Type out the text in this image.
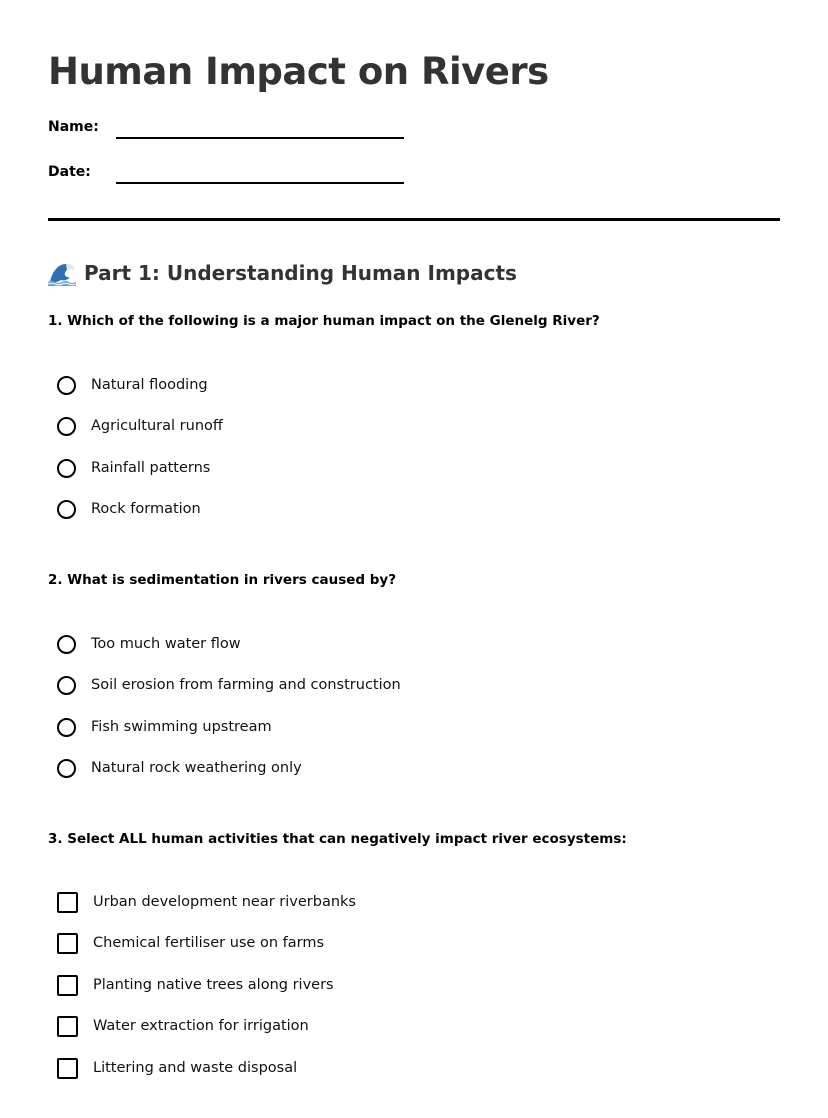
Human Impact on Rivers
Name:
Date:
Part 1: Understanding Human Impacts
1. Which of the following is a major human impact on the Glenelg River?
Natural flooding
Agricultural runoff
Rainfall patterns
Rock formation
2. What is sedimentation in rivers caused by?
Too much water flow
Soil erosion from farming and construction
Fish swimming upstream
Natural rock weathering only
3. Select ALL human activities that can negatively impact river ecosystems:
Urban development near riverbanks
Chemical fertiliser use on farms
Planting native trees along rivers
Water extraction for irrigation
Littering and waste disposal
